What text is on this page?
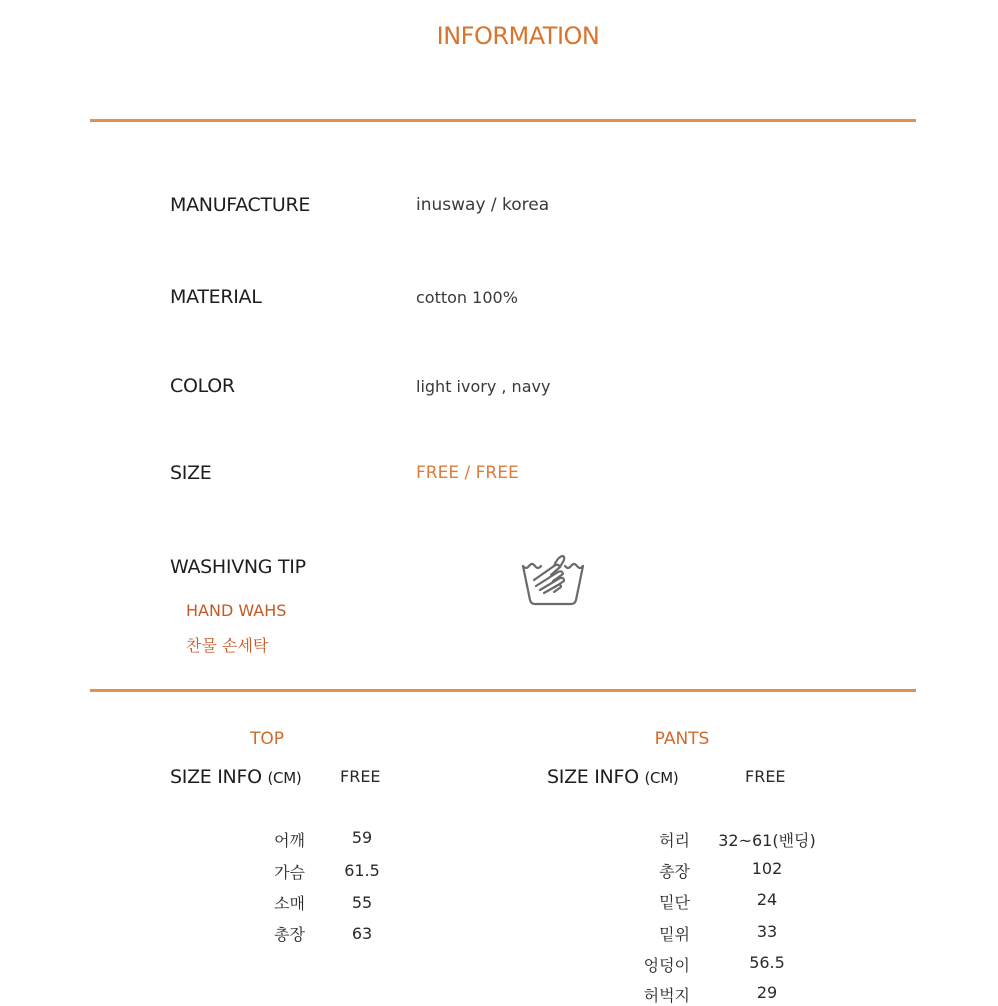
INFORMATION
MANUFACTURE	inusway / korea
MATERIAL	cotton 100%
COLOR	light ivory , navy
SIZE	FREE / FREE
WASHIVNG TIP
HAND WAHS
찬물 손세탁
TOP
SIZE INFO (CM) FREE
어깨	59
가슴	61.5
소매	55
총장	63
PANTS
SIZE INFO (CM)	FREE
허리	32~61(밴딩)
총장	102
밑단	24
밑위	33
엉덩이	56.5
허벅지	29
